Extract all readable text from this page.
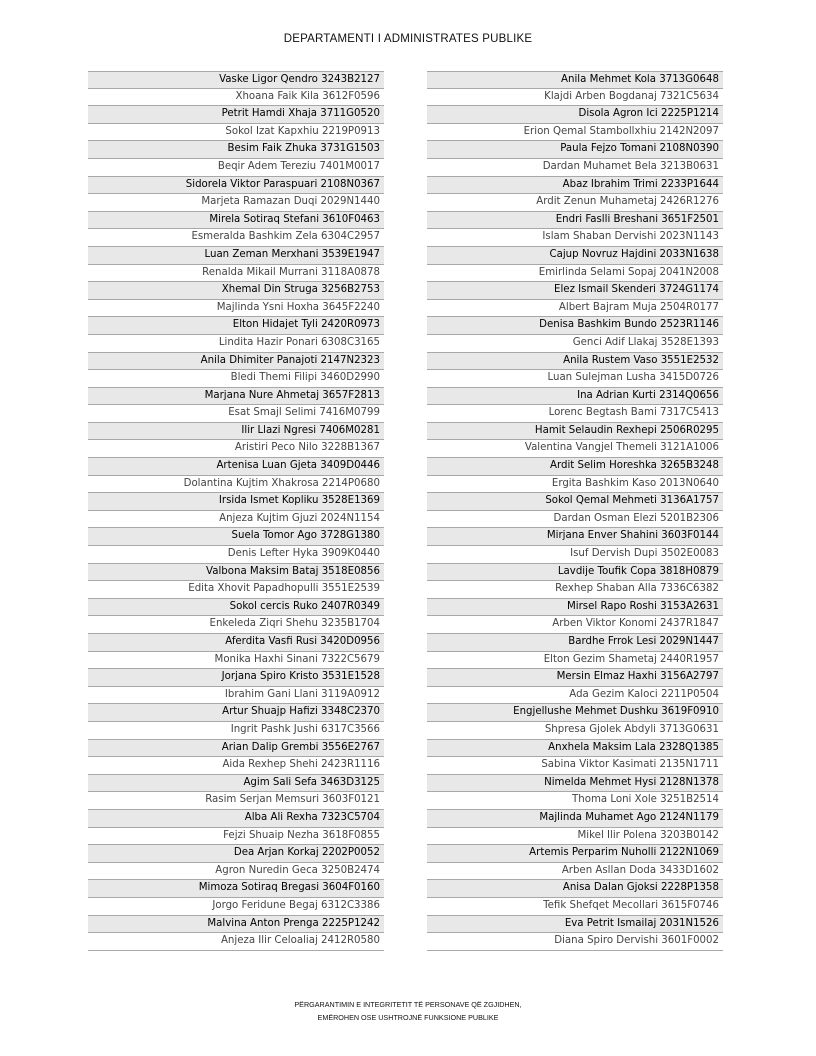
DEPARTAMENTI I ADMINISTRATES PUBLIKE
Vaske Ligor Qendro 3243B2127
Xhoana Faik Kila 3612F0596
Petrit Hamdi Xhaja 3711G0520
Sokol Izat Kapxhiu 2219P0913
Besim Faik Zhuka 3731G1503
Beqir Adem Tereziu 7401M0017
Sidorela Viktor Paraspuari 2108N0367
Marjeta Ramazan Duqi 2029N1440
Mirela Sotiraq Stefani 3610F0463
Esmeralda Bashkim Zela 6304C2957
Luan Zeman Merxhani 3539E1947
Renalda Mikail Murrani 3118A0878
Xhemal Din Struga 3256B2753
Majlinda Ysni Hoxha 3645F2240
Elton Hidajet Tyli 2420R0973
Lindita Hazir Ponari 6308C3165
Anila Dhimiter Panajoti 2147N2323
Bledi Themi Filipi 3460D2990
Marjana Nure Ahmetaj 3657F2813
Esat Smajl Selimi 7416M0799
Ilir Llazi Ngresi 7406M0281
Aristiri Peco Nilo 3228B1367
Artenisa Luan Gjeta 3409D0446
Dolantina Kujtim Xhakrosa 2214P0680
Irsida Ismet Kopliku 3528E1369
Anjeza Kujtim Gjuzi 2024N1154
Suela Tomor Ago 3728G1380
Denis Lefter Hyka 3909K0440
Valbona Maksim Bataj 3518E0856
Edita Xhovit Papadhopulli 3551E2539
Sokol cercis Ruko 2407R0349
Enkeleda Ziqri Shehu 3235B1704
Aferdita Vasfi Rusi 3420D0956
Monika Haxhi Sinani 7322C5679
Jorjana Spiro Kristo 3531E1528
Ibrahim Gani Llani 3119A0912
Artur Shuajp Hafizi 3348C2370
Ingrit Pashk Jushi 6317C3566
Arian Dalip Grembi 3556E2767
Aida Rexhep Shehi 2423R1116
Agim Sali Sefa 3463D3125
Rasim Serjan Memsuri 3603F0121
Alba Ali Rexha 7323C5704
Fejzi Shuaip Nezha 3618F0855
Dea Arjan Korkaj 2202P0052
Agron Nuredin Geca 3250B2474
Mimoza Sotiraq Bregasi 3604F0160
Jorgo Feridune Begaj 6312C3386
Malvina Anton Prenga 2225P1242
Anjeza Ilir Celoaliaj 2412R0580
Anila Mehmet Kola 3713G0648
Klajdi Arben Bogdanaj 7321C5634
Disola Agron Ici 2225P1214
Erion Qemal Stambollxhiu 2142N2097
Paula Fejzo Tomani 2108N0390
Dardan Muhamet Bela 3213B0631
Abaz Ibrahim Trimi 2233P1644
Ardit Zenun Muhametaj 2426R1276
Endri Faslli Breshani 3651F2501
Islam Shaban Dervishi 2023N1143
Cajup Novruz Hajdini 2033N1638
Emirlinda Selami Sopaj 2041N2008
Elez Ismail Skenderi 3724G1174
Albert Bajram Muja 2504R0177
Denisa Bashkim Bundo 2523R1146
Genci Adif Llakaj 3528E1393
Anila Rustem Vaso 3551E2532
Luan Sulejman Lusha 3415D0726
Ina Adrian Kurti 2314Q0656
Lorenc Begtash Bami 7317C5413
Hamit Selaudin Rexhepi 2506R0295
Valentina Vangjel Themeli 3121A1006
Ardit Selim Horeshka 3265B3248
Ergita Bashkim Kaso 2013N0640
Sokol Qemal Mehmeti 3136A1757
Dardan Osman Elezi 5201B2306
Mirjana Enver Shahini 3603F0144
Isuf Dervish Dupi 3502E0083
Lavdije Toufik Copa 3818H0879
Rexhep Shaban Alla 7336C6382
Mirsel Rapo Roshi 3153A2631
Arben Viktor Konomi 2437R1847
Bardhe Frrok Lesi 2029N1447
Elton Gezim Shametaj 2440R1957
Mersin Elmaz Haxhi 3156A2797
Ada Gezim Kaloci 2211P0504
Engjellushe Mehmet Dushku 3619F0910
Shpresa Gjolek Abdyli 3713G0631
Anxhela Maksim Lala 2328Q1385
Sabina Viktor Kasimati 2135N1711
Nimelda Mehmet Hysi 2128N1378
Thoma Loni Xole 3251B2514
Majlinda Muhamet Ago 2124N1179
Mikel Ilir Polena 3203B0142
Artemis Perparim Nuholli 2122N1069
Arben Asllan Doda 3433D1602
Anisa Dalan Gjoksi 2228P1358
Tefik Shefqet Mecollari 3615F0746
Eva Petrit Ismailaj 2031N1526
Diana Spiro Dervishi 3601F0002
PËRGARANTIMIN E INTEGRITETIT TË PERSONAVE QË ZGJIDHEN,
EMËROHEN OSE USHTROJNË FUNKSIONE PUBLIKE
